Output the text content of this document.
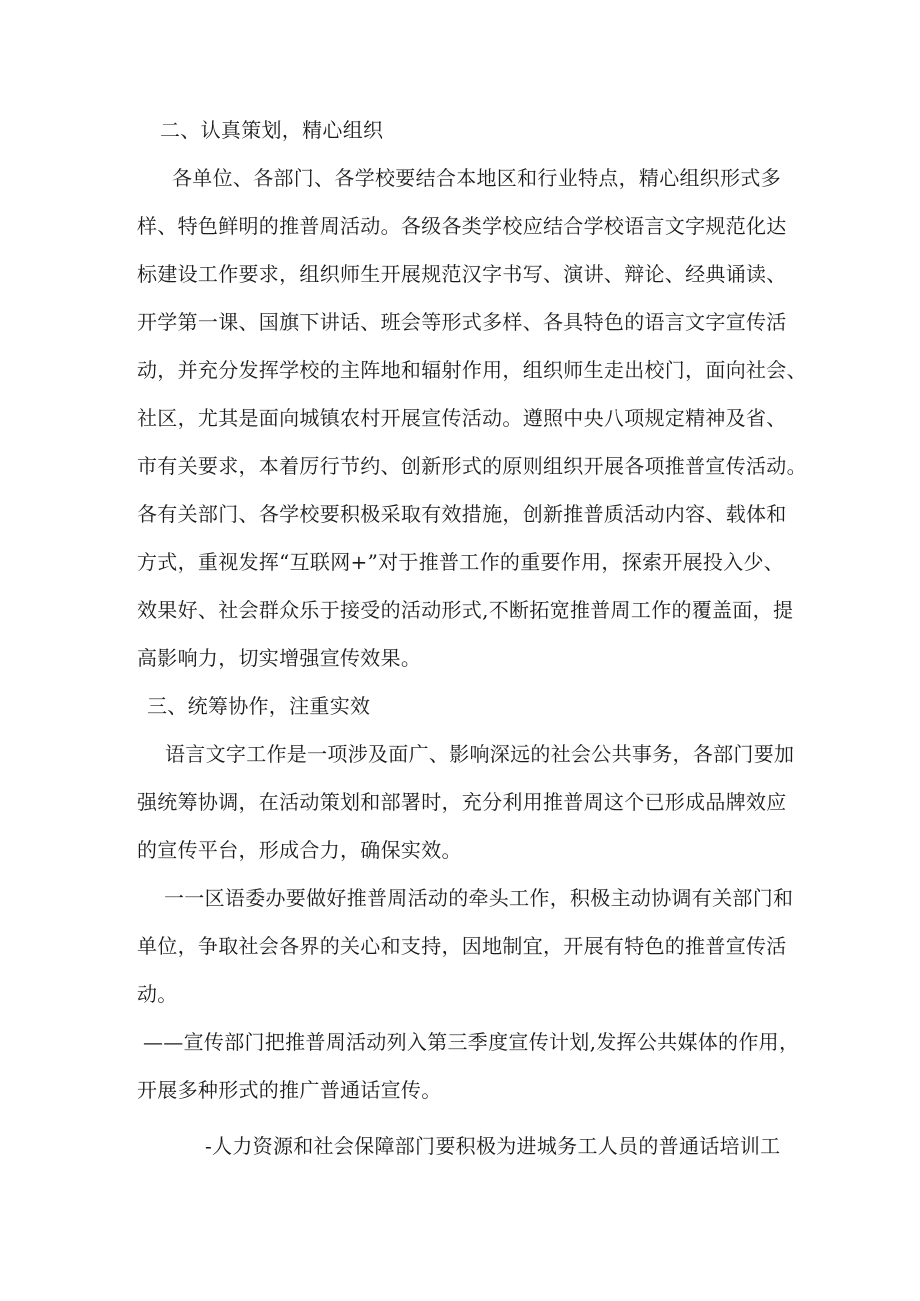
二、认真策划，精心组织
各单位、各部门、各学校要结合本地区和行业特点，精心组织形式多
样、特色鲜明的推普周活动。各级各类学校应结合学校语言文字规范化达
标建设工作要求，组织师生开展规范汉字书写、演讲、辩论、经典诵读、
开学第一课、国旗下讲话、班会等形式多样、各具特色的语言文字宣传活
动，并充分发挥学校的主阵地和辐射作用，组织师生走出校门，面向社会、
社区，尤其是面向城镇农村开展宣传活动。遵照中央八项规定精神及省、
市有关要求，本着厉行节约、创新形式的原则组织开展各项推普宣传活动。
各有关部门、各学校要积极采取有效措施，创新推普质活动内容、载体和
方式，重视发挥“互联网+”对于推普工作的重要作用，探索开展投入少、
效果好、社会群众乐于接受的活动形式,不断拓宽推普周工作的覆盖面，提
高影响力，切实增强宣传效果。
三、统筹协作，注重实效
语言文字工作是一项涉及面广、影响深远的社会公共事务，各部门要加
强统筹协调，在活动策划和部署时，充分利用推普周这个已形成品牌效应
的宣传平台，形成合力，确保实效。
一一区语委办要做好推普周活动的牵头工作，积极主动协调有关部门和
单位，争取社会各界的关心和支持，因地制宜，开展有特色的推普宣传活
动。
——宣传部门把推普周活动列入第三季度宣传计划,发挥公共媒体的作用，
开展多种形式的推广普通话宣传。
-人力资源和社会保障部门要积极为进城务工人员的普通话培训工
